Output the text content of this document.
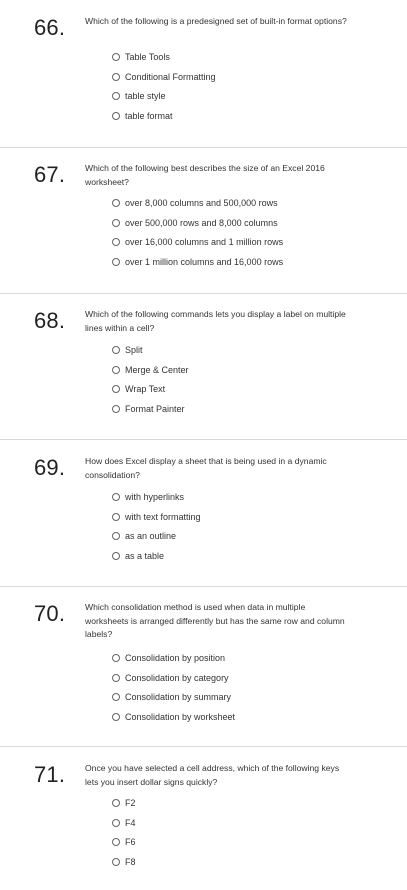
66. Which of the following is a predesigned set of built-in format options?
Table Tools
Conditional Formatting
table style
table format
67. Which of the following best describes the size of an Excel 2016 worksheet?
over 8,000 columns and 500,000 rows
over 500,000 rows and 8,000 columns
over 16,000 columns and 1 million rows
over 1 million columns and 16,000 rows
68. Which of the following commands lets you display a label on multiple lines within a cell?
Split
Merge & Center
Wrap Text
Format Painter
69. How does Excel display a sheet that is being used in a dynamic consolidation?
with hyperlinks
with text formatting
as an outline
as a table
70. Which consolidation method is used when data in multiple worksheets is arranged differently but has the same row and column labels?
Consolidation by position
Consolidation by category
Consolidation by summary
Consolidation by worksheet
71. Once you have selected a cell address, which of the following keys lets you insert dollar signs quickly?
F2
F4
F6
F8
